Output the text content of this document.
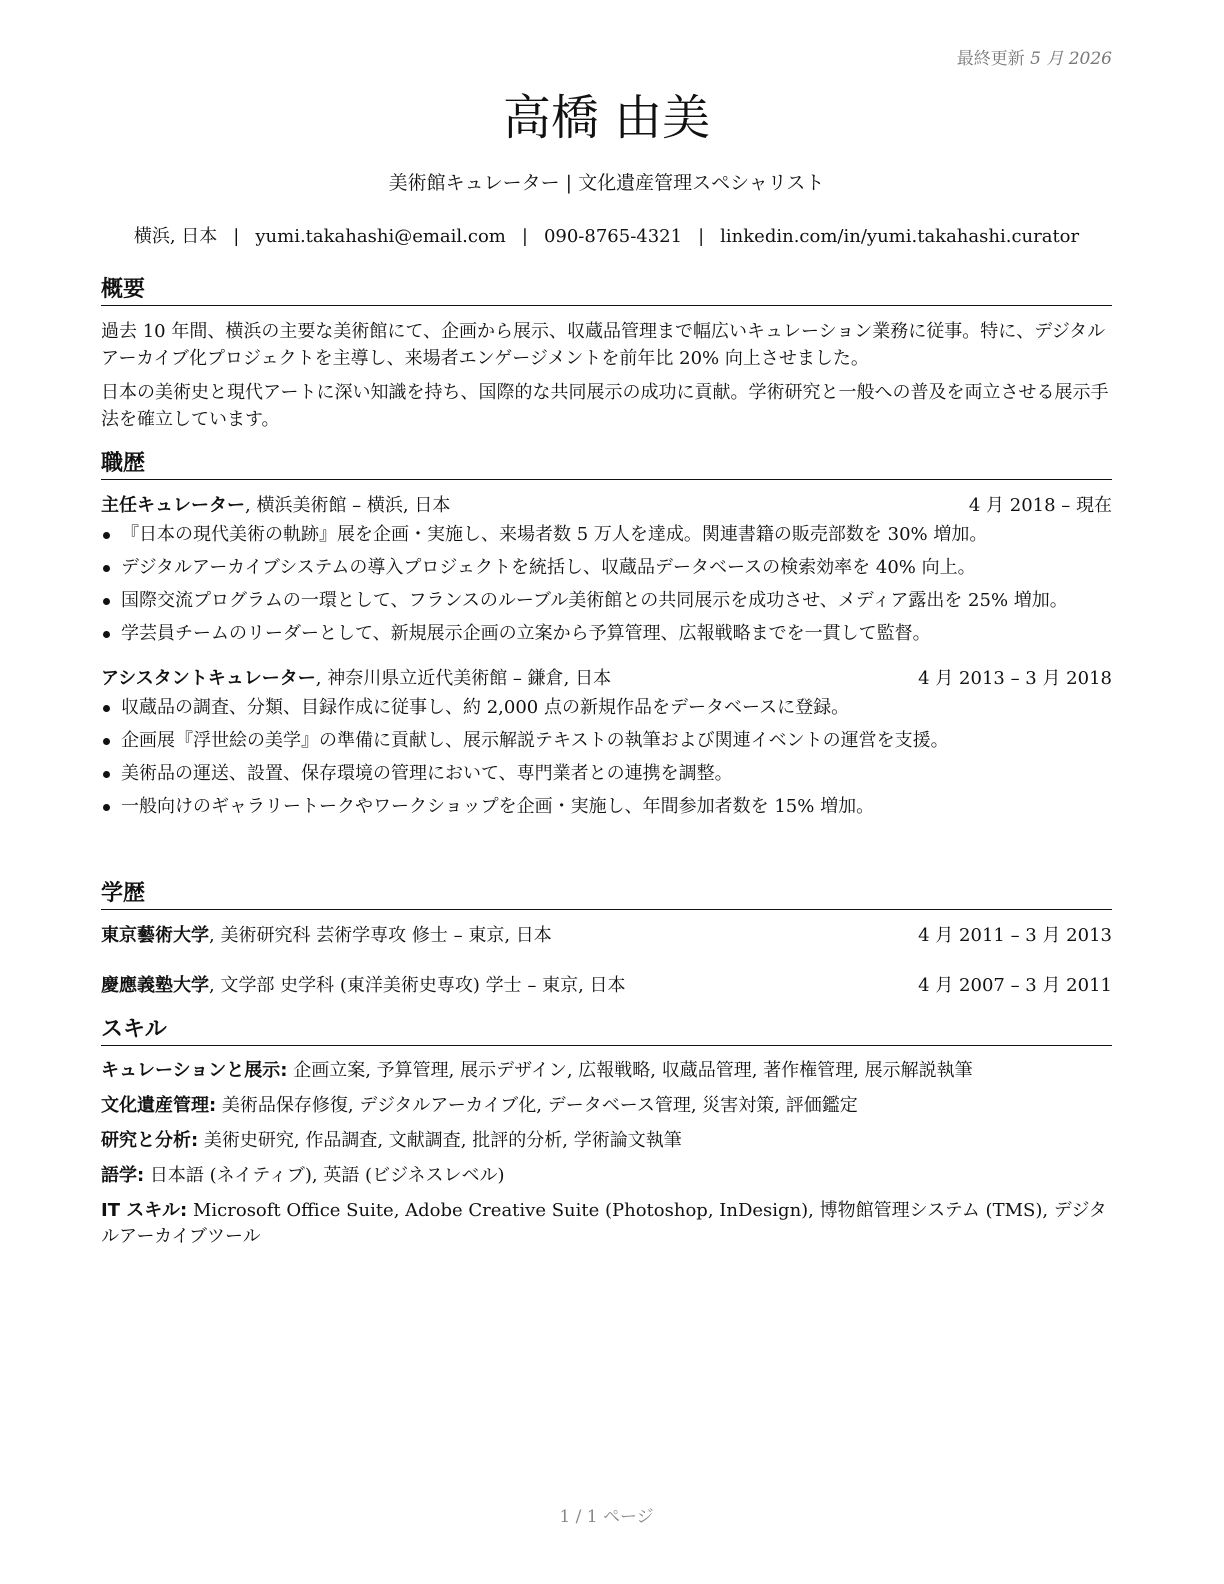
最終更新 5 月 2026
高橋 由美
美術館キュレーター | 文化遺産管理スペシャリスト
横浜, 日本 | yumi.takahashi@email.com | 090-8765-4321 | linkedin.com/in/yumi.takahashi.curator
概要
過去 10 年間、横浜の主要な美術館にて、企画から展示、収蔵品管理まで幅広いキュレーション業務に従事。特に、デジタルアーカイブ化プロジェクトを主導し、来場者エンゲージメントを前年比 20% 向上させました。
日本の美術史と現代アートに深い知識を持ち、国際的な共同展示の成功に貢献。学術研究と一般への普及を両立させる展示手法を確立しています。
職歴
主任キュレーター, 横浜美術館 – 横浜, 日本	4 月 2018 – 現在
『日本の現代美術の軌跡』展を企画・実施し、来場者数 5 万人を達成。関連書籍の販売部数を 30% 増加。
デジタルアーカイブシステムの導入プロジェクトを統括し、収蔵品データベースの検索効率を 40% 向上。
国際交流プログラムの一環として、フランスのルーブル美術館との共同展示を成功させ、メディア露出を 25% 増加。
学芸員チームのリーダーとして、新規展示企画の立案から予算管理、広報戦略までを一貫して監督。
アシスタントキュレーター, 神奈川県立近代美術館 – 鎌倉, 日本	4 月 2013 – 3 月 2018
収蔵品の調査、分類、目録作成に従事し、約 2,000 点の新規作品をデータベースに登録。
企画展『浮世絵の美学』の準備に貢献し、展示解説テキストの執筆および関連イベントの運営を支援。
美術品の運送、設置、保存環境の管理において、専門業者との連携を調整。
一般向けのギャラリートークやワークショップを企画・実施し、年間参加者数を 15% 増加。
学歴
東京藝術大学, 美術研究科 芸術学専攻 修士 – 東京, 日本	4 月 2011 – 3 月 2013
慶應義塾大学, 文学部 史学科 (東洋美術史専攻) 学士 – 東京, 日本	4 月 2007 – 3 月 2011
スキル
キュレーションと展示: 企画立案, 予算管理, 展示デザイン, 広報戦略, 収蔵品管理, 著作権管理, 展示解説執筆
文化遺産管理: 美術品保存修復, デジタルアーカイブ化, データベース管理, 災害対策, 評価鑑定
研究と分析: 美術史研究, 作品調査, 文献調査, 批評的分析, 学術論文執筆
語学: 日本語 (ネイティブ), 英語 (ビジネスレベル)
IT スキル: Microsoft Office Suite, Adobe Creative Suite (Photoshop, InDesign), 博物館管理システム (TMS), デジタルアーカイブツール
1 / 1 ページ
